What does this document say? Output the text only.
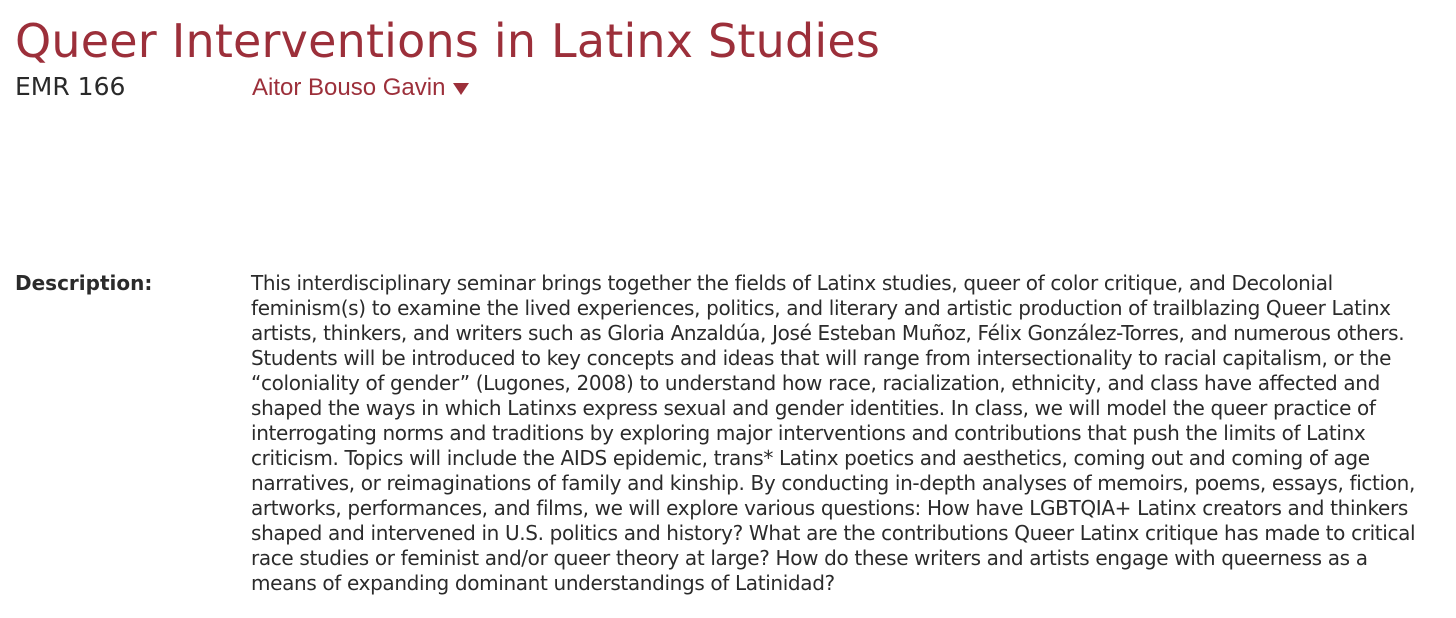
Queer Interventions in Latinx Studies
EMR 166	Aitor Bouso Gavin
Description:	This interdisciplinary seminar brings together the fields of Latinx studies, queer of color critique, and Decolonial
feminism(s) to examine the lived experiences, politics, and literary and artistic production of trailblazing Queer Latinx
artists, thinkers, and writers such as Gloria Anzaldúa, José Esteban Muñoz, Félix González-Torres, and numerous others.
Students will be introduced to key concepts and ideas that will range from intersectionality to racial capitalism, or the
“coloniality of gender” (Lugones, 2008) to understand how race, racialization, ethnicity, and class have affected and
shaped the ways in which Latinxs express sexual and gender identities. In class, we will model the queer practice of
interrogating norms and traditions by exploring major interventions and contributions that push the limits of Latinx
criticism. Topics will include the AIDS epidemic, trans* Latinx poetics and aesthetics, coming out and coming of age
narratives, or reimaginations of family and kinship. By conducting in-depth analyses of memoirs, poems, essays, fiction,
artworks, performances, and films, we will explore various questions: How have LGBTQIA+ Latinx creators and thinkers
shaped and intervened in U.S. politics and history? What are the contributions Queer Latinx critique has made to critical
race studies or feminist and/or queer theory at large? How do these writers and artists engage with queerness as a
means of expanding dominant understandings of Latinidad?
